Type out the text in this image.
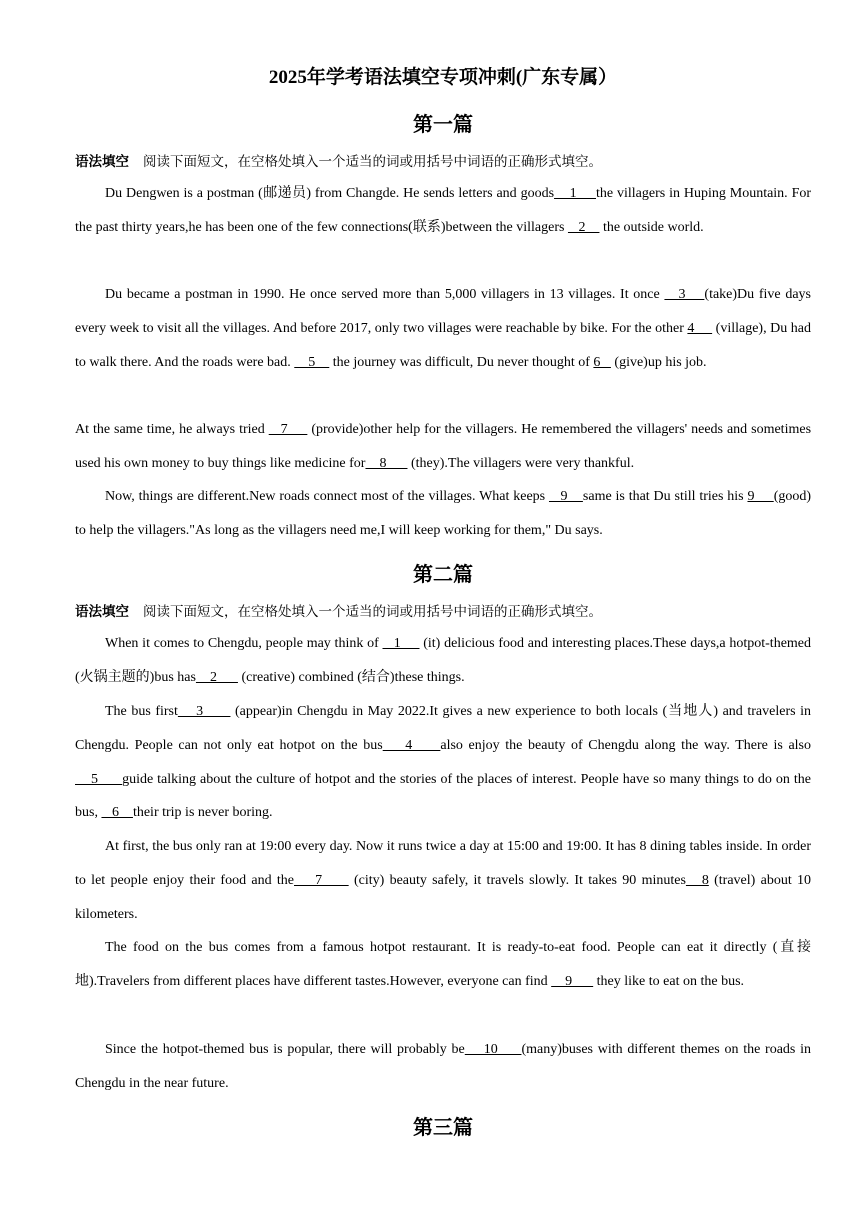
2025年学考语法填空专项冲刺(广东专属）
第一篇
语法填空 阅读下面短文，在空格处填入一个适当的词或用括号中词语的正确形式填空。
Du Dengwen is a postman (邮递员) from Changde. He sends letters and goods    1     the villagers in Huping Mountain. For the past thirty years,he has been one of the few connections(联系)between the villagers    2     the outside world.
Du became a postman in 1990. He once served more than 5,000 villagers in 13 villages. It once    3    (take)Du five days every week to visit all the villages. And before 2017, only two villages were reachable by bike. For the other 4      (village), Du had to walk there. And the roads were bad.     5     the journey was difficult, Du never thought of 6    (give)up his job.
At the same time, he always tried    7      (provide)other help for the villagers. He remembered the villagers' needs and sometimes used his own money to buy things like medicine for    8       (they).The villagers were very thankful.
Now, things are different.New roads connect most of the villages. What keeps    9    same is that Du still tries his 9     (good) to help the villagers."As long as the villagers need me,I will keep working for them," Du says.
第二篇
语法填空 阅读下面短文，在空格处填入一个适当的词或用括号中词语的正确形式填空。
When it comes to Chengdu, people may think of    1      (it) delicious food and interesting places.These days,a hotpot-themed (火锅主题的)bus has    2       (creative) combined (结合)these things.
The bus first    3       (appear)in Chengdu in May 2022.It gives a new experience to both locals (当地人) and travelers in Chengdu. People can not only eat hotpot on the bus    4     also enjoy the beauty of Chengdu along the way. There is also    5      guide talking about the culture of hotpot and the stories of the places of interest. People have so many things to do on the bus,    6    their trip is never boring.
At first, the bus only ran at 19:00 every day. Now it runs twice a day at 15:00 and 19:00. It has 8 dining tables inside. In order to let people enjoy their food and the    7      (city) beauty safely, it travels slowly. It takes 90 minutes   8 (travel) about 10 kilometers.
The food on the bus comes from a famous hotpot restaurant. It is ready-to-eat food. People can eat it directly (直接地).Travelers from different places have different tastes.However, everyone can find     9       they like to eat on the bus.
Since the hotpot-themed bus is popular, there will probably be    10     (many)buses with different themes on the roads in Chengdu in the near future.
第三篇
